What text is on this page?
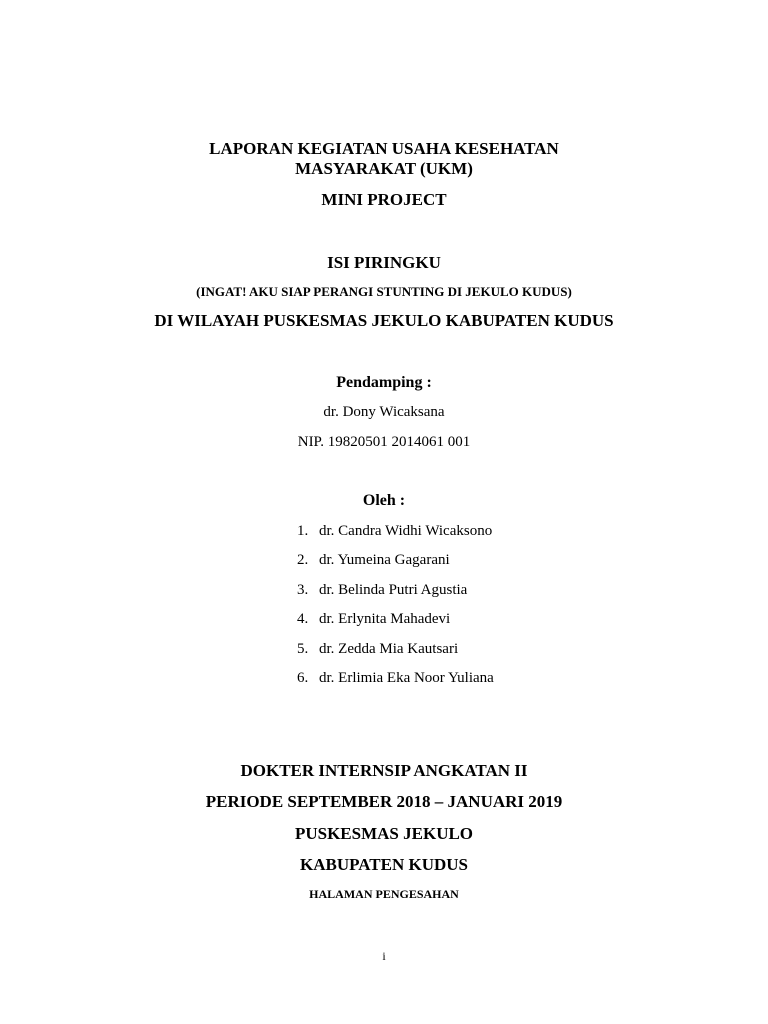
LAPORAN KEGIATAN USAHA KESEHATAN
MASYARAKAT (UKM)
MINI PROJECT
ISI PIRINGKU
(INGAT! AKU SIAP PERANGI STUNTING DI JEKULO KUDUS)
DI WILAYAH PUSKESMAS JEKULO KABUPATEN KUDUS
Pendamping :
dr. Dony Wicaksana
NIP. 19820501 2014061 001
Oleh :
1. dr. Candra Widhi Wicaksono
2. dr. Yumeina Gagarani
3. dr. Belinda Putri Agustia
4. dr. Erlynita Mahadevi
5. dr. Zedda Mia Kautsari
6. dr. Erlimia Eka Noor Yuliana
DOKTER INTERNSIP ANGKATAN II
PERIODE SEPTEMBER 2018 – JANUARI 2019
PUSKESMAS JEKULO
KABUPATEN KUDUS
HALAMAN PENGESAHAN
i
